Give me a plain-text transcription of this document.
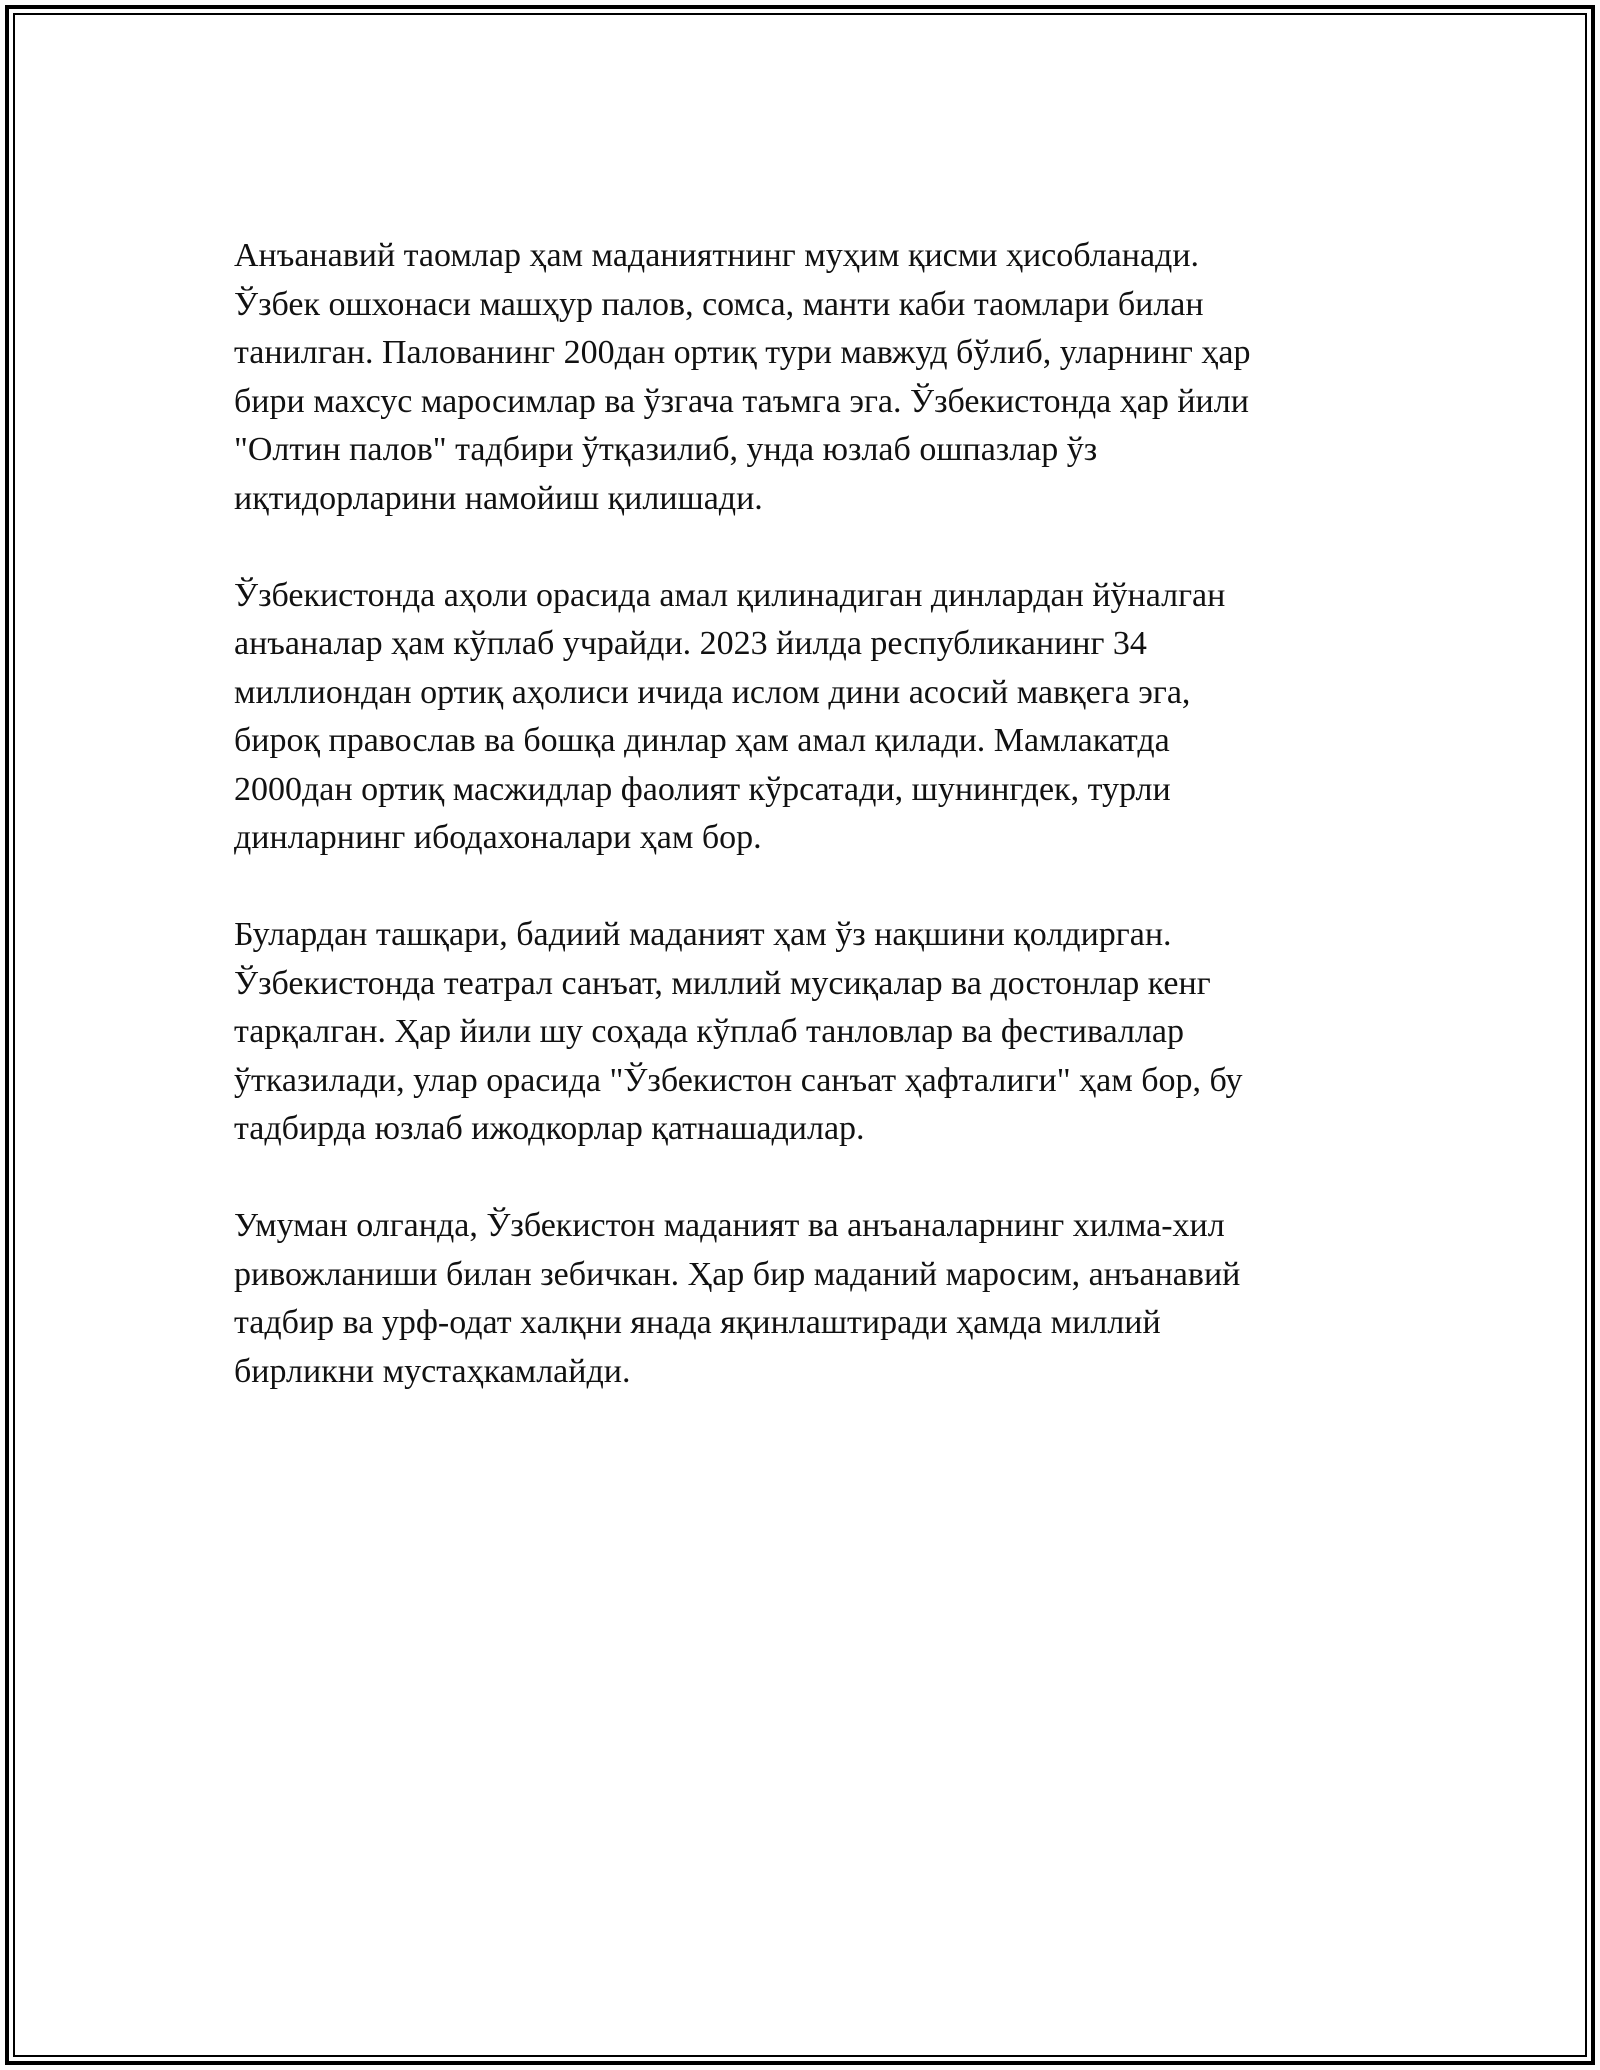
Анъанавий таомлар ҳам маданиятнинг муҳим қисми ҳисобланади.
Ўзбек ошхонаси машҳур палов, сомса, манти каби таомлари билан
танилган. Палованинг 200дан ортиқ тури мавжуд бўлиб, уларнинг ҳар
бири махсус маросимлар ва ўзгача таъмга эга. Ўзбекистонда ҳар йили
"Олтин палов" тадбири ўтқазилиб, унда юзлаб ошпазлар ўз
иқтидорларини намойиш қилишади.

Ўзбекистонда аҳоли орасида амал қилинадиган динлардан йўналган
анъаналар ҳам кўплаб учрайди. 2023 йилда республиканинг 34
миллиондан ортиқ аҳолиси ичида ислом дини асосий мавқега эга,
бироқ православ ва бошқа динлар ҳам амал қилади. Мамлакатда
2000дан ортиқ масжидлар фаолият кўрсатади, шунингдек, турли
динларнинг ибодахоналари ҳам бор.

Булардан ташқари, бадиий маданият ҳам ўз нақшини қолдирган.
Ўзбекистонда театрал санъат, миллий мусиқалар ва достонлар кенг
тарқалган. Ҳар йили шу соҳада кўплаб танловлар ва фестиваллар
ўтказилади, улар орасида "Ўзбекистон санъат ҳафталиги" ҳам бор, бу
тадбирда юзлаб ижодкорлар қатнашадилар.

Умуман олганда, Ўзбекистон маданият ва анъаналарнинг хилма-хил
ривожланиши билан зебичкан. Ҳар бир маданий маросим, анъанавий
тадбир ва урф-одат халқни янада яқинлаштиради ҳамда миллий
бирликни мустаҳкамлайди.
